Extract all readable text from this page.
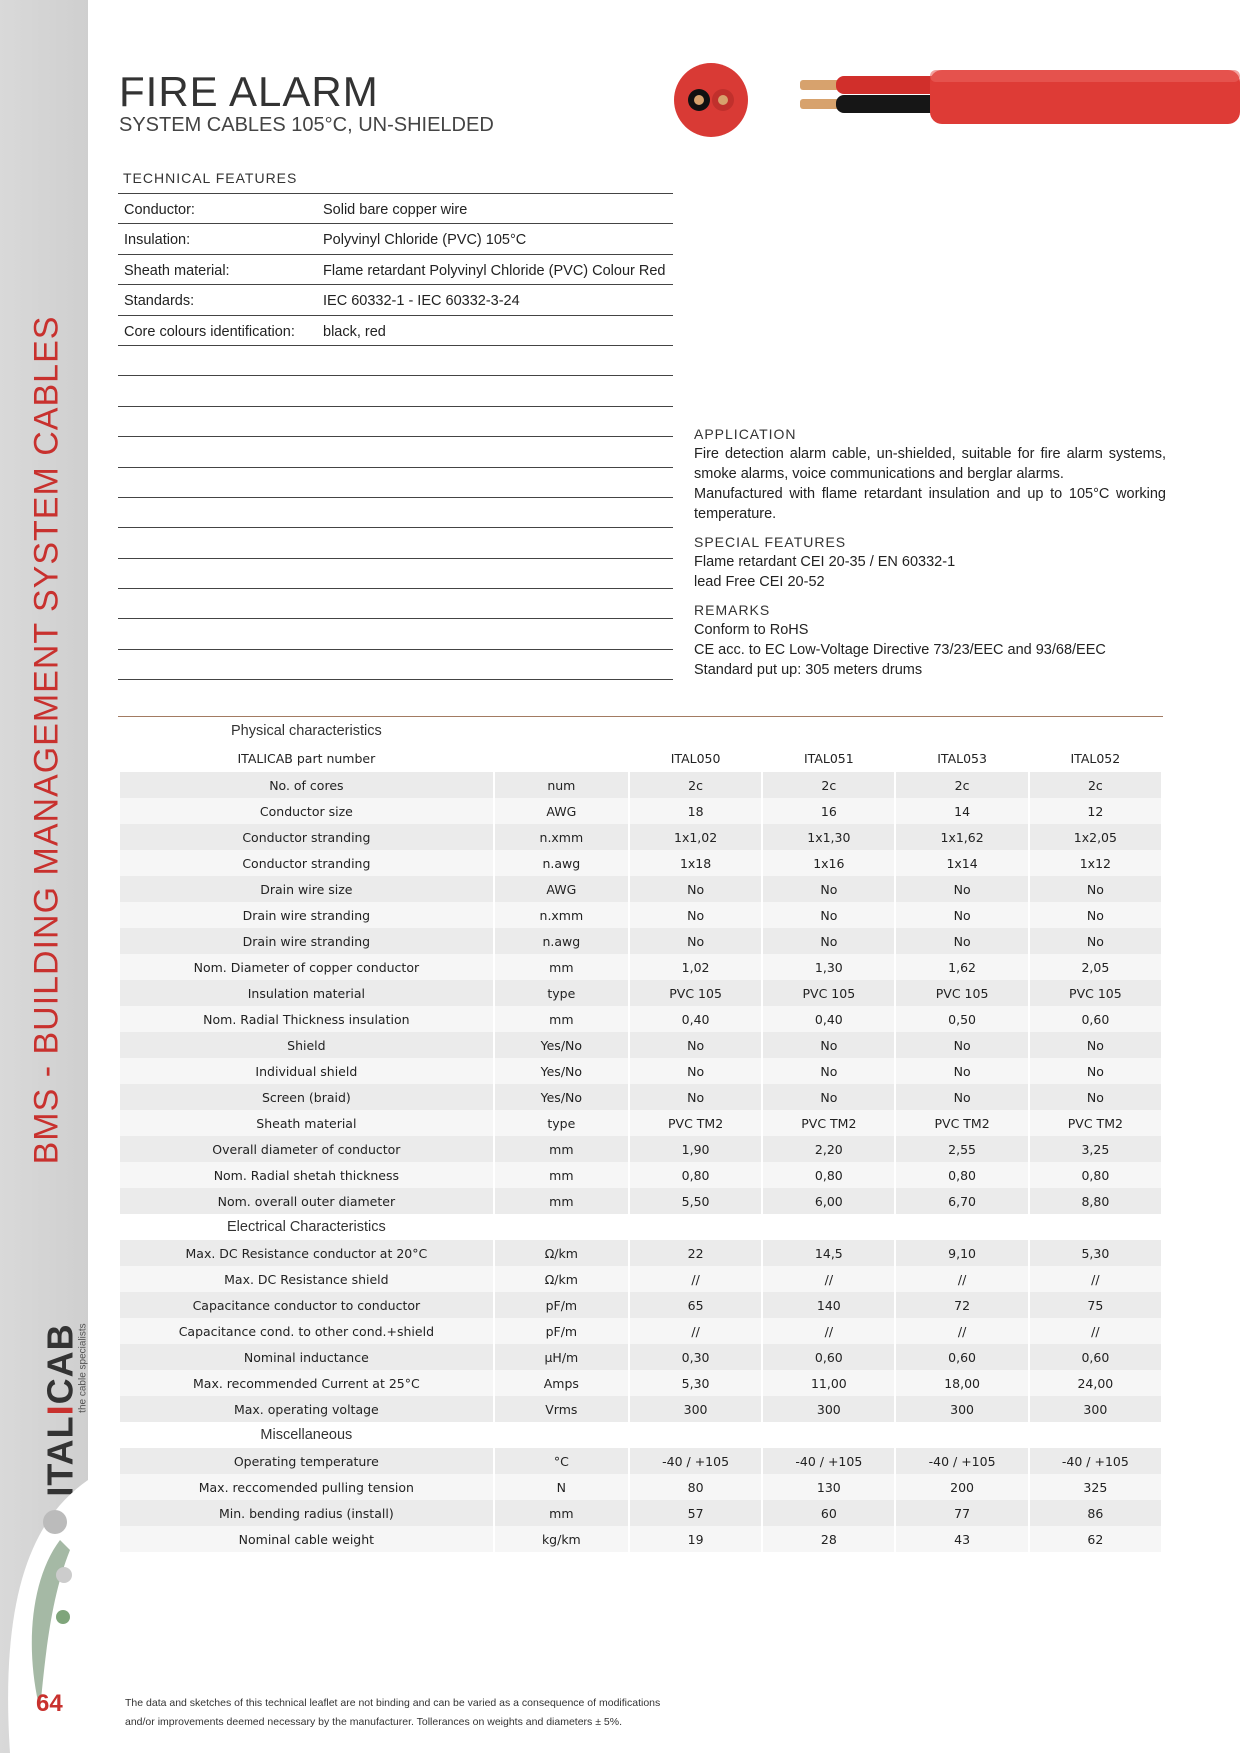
BMS - BUILDING MANAGEMENT SYSTEM CABLES
ITALICAB
the cable specialists
64
FIRE ALARM
SYSTEM CABLES 105°C, UN-SHIELDED
TECHNICAL FEATURES
Conductor:	Solid bare copper wire
Insulation:	Polyvinyl Chloride (PVC) 105°C
Sheath material:	Flame retardant Polyvinyl Chloride (PVC) Colour Red
Standards:	IEC 60332-1 - IEC 60332-3-24
Core colours identification: black, red
APPLICATION
Fire detection alarm cable, un-shielded, suitable for fire alarm systems, smoke alarms, voice communications and berglar alarms.
Manufactured with flame retardant insulation and up to 105°C working temperature.
SPECIAL FEATURES
Flame retardant CEI 20-35 / EN 60332-1
lead Free CEI 20-52
REMARKS
Conform to RoHS
CE acc. to EC Low-Voltage Directive 73/23/EEC and 93/68/EEC
Standard put up: 305 meters drums
Physical characteristics					
ITALICAB part number		ITAL050	ITAL051	ITAL053	ITAL052
No. of cores	num	2c	2c	2c	2c
Conductor size	AWG	18	16	14	12
Conductor stranding	n.xmm	1x1,02	1x1,30	1x1,62	1x2,05
Conductor stranding	n.awg	1x18	1x16	1x14	1x12
Drain wire size	AWG	No	No	No	No
Drain wire stranding	n.xmm	No	No	No	No
Drain wire stranding	n.awg	No	No	No	No
Nom. Diameter of copper conductor	mm	1,02	1,30	1,62	2,05
Insulation material	type	PVC 105	PVC 105	PVC 105	PVC 105
Nom. Radial Thickness insulation	mm	0,40	0,40	0,50	0,60
Shield	Yes/No	No	No	No	No
Individual shield	Yes/No	No	No	No	No
Screen (braid)	Yes/No	No	No	No	No
Sheath material	type	PVC TM2	PVC TM2	PVC TM2	PVC TM2
Overall diameter of conductor	mm	1,90	2,20	2,55	3,25
Nom. Radial shetah thickness	mm	0,80	0,80	0,80	0,80
Nom. overall outer diameter	mm	5,50	6,00	6,70	8,80
Electrical Characteristics					
Max. DC Resistance conductor at 20°C	Ω/km	22	14,5	9,10	5,30
Max. DC Resistance shield	Ω/km	//	//	//	//
Capacitance conductor to conductor	pF/m	65	140	72	75
Capacitance cond. to other cond.+shield	pF/m	//	//	//	//
Nominal inductance	µH/m	0,30	0,60	0,60	0,60
Max. recommended Current at 25°C	Amps	5,30	11,00	18,00	24,00
Max. operating voltage	Vrms	300	300	300	300
Miscellaneous					
Operating temperature	°C	-40 / +105	-40 / +105	-40 / +105	-40 / +105
Max. reccomended pulling tension	N	80	130	200	325
Min. bending radius (install)	mm	57	60	77	86
Nominal cable weight	kg/km	19	28	43	62
The data and sketches of this technical leaflet are not binding and can be varied as a consequence of modifications
and/or improvements deemed necessary by the manufacturer. Tollerances on weights and diameters ± 5%.
